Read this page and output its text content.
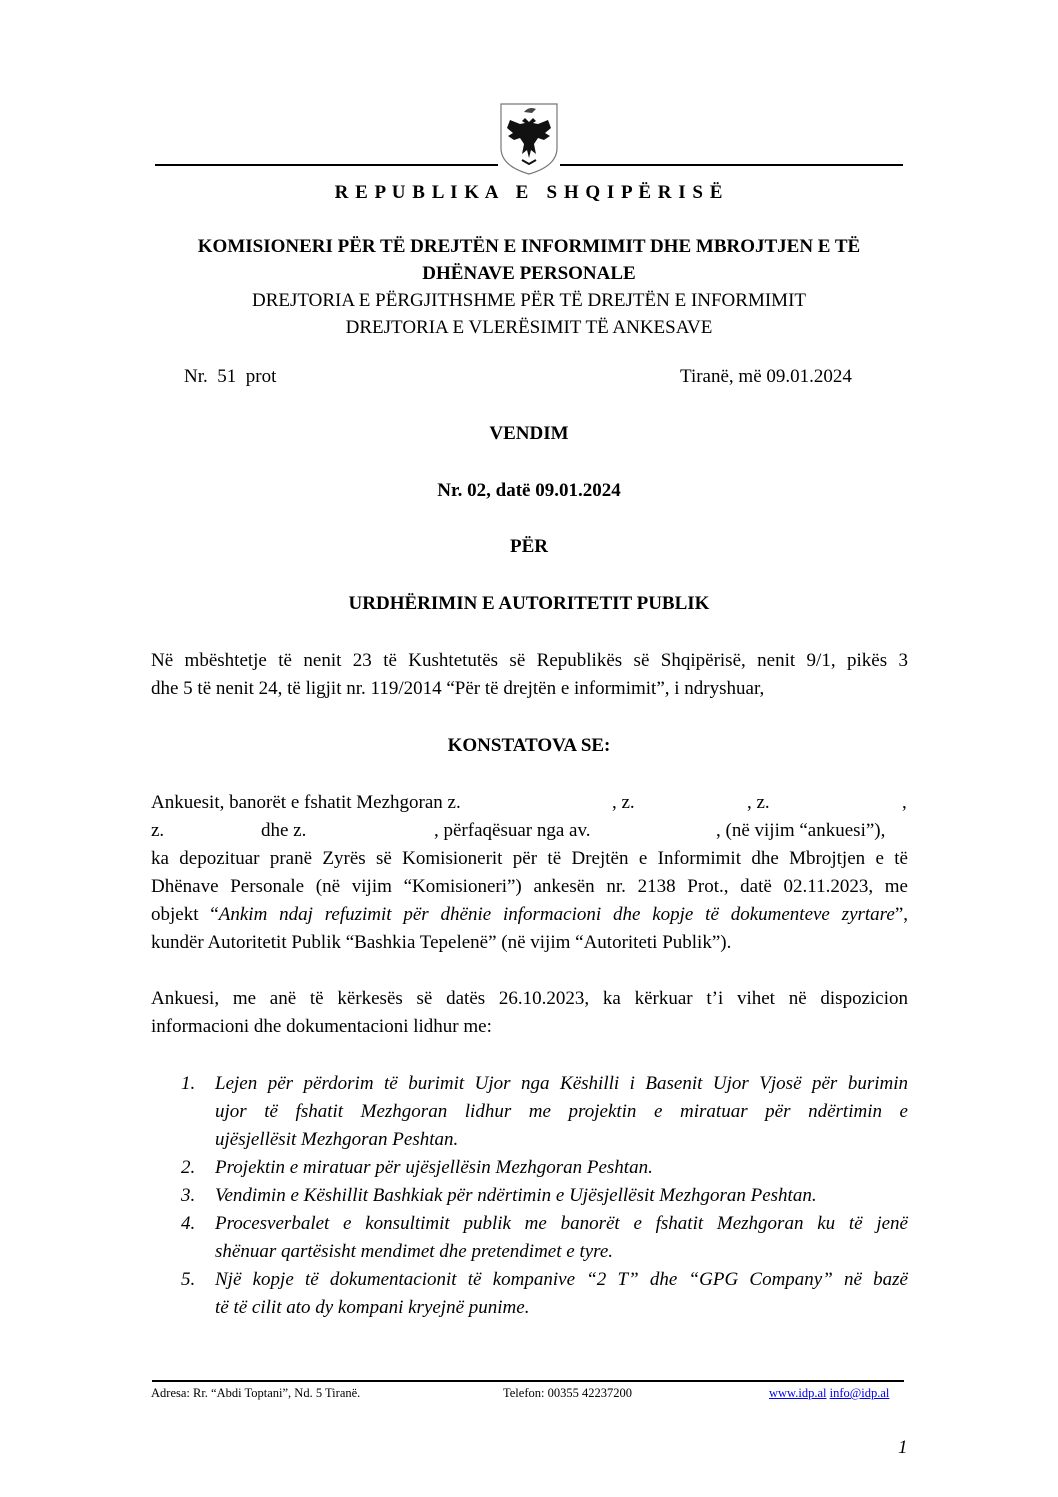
R E P U B L I K A   E   S H Q I P Ë R I S Ë
KOMISIONERI PËR TË DREJTËN E INFORMIMIT DHE MBROJTJEN E TË
DHËNAVE PERSONALE
DREJTORIA E PËRGJITHSHME PËR TË DREJTËN E INFORMIMIT
DREJTORIA E VLERËSIMIT TË ANKESAVE
Nr.  51  prot	Tiranë, më 09.01.2024
VENDIM
Nr. 02, datë 09.01.2024
PËR
URDHËRIMIN E AUTORITETIT PUBLIK
Në mbështetje të nenit 23 të Kushtetutës së Republikës së Shqipërisë, nenit 9/1, pikës 3
dhe 5 të nenit 24, të ligjit nr. 119/2014 “Për të drejtën e informimit”, i ndryshuar,
KONSTATOVA SE:
Ankuesit, banorët e fshatit Mezhgoran z.	, z.	, z.	,
z.	dhe z.	, përfaqësuar nga av.	, (në vijim “ankuesi”),
ka depozituar pranë Zyrës së Komisionerit për të Drejtën e Informimit dhe Mbrojtjen e të
Dhënave Personale (në vijim “Komisioneri”) ankesën nr. 2138 Prot., datë 02.11.2023, me
objekt “Ankim ndaj refuzimit për dhënie informacioni dhe kopje të dokumenteve zyrtare”,
kundër Autoritetit Publik “Bashkia Tepelenë” (në vijim “Autoriteti Publik”).
Ankuesi, me anë të kërkesës së datës 26.10.2023, ka kërkuar t’i vihet në dispozicion
informacioni dhe dokumentacioni lidhur me:
1. Lejen për përdorim të burimit Ujor nga Këshilli i Basenit Ujor Vjosë për burimin
ujor të fshatit Mezhgoran lidhur me projektin e miratuar për ndërtimin e
ujësjellësit Mezhgoran Peshtan.
2. Projektin e miratuar për ujësjellësin Mezhgoran Peshtan.
3. Vendimin e Këshillit Bashkiak për ndërtimin e Ujësjellësit Mezhgoran Peshtan.
4. Procesverbalet e konsultimit publik me banorët e fshatit Mezhgoran ku të jenë
shënuar qartësisht mendimet dhe pretendimet e tyre.
5. Një kopje të dokumentacionit të kompanive “2 T” dhe “GPG Company” në bazë
të të cilit ato dy kompani kryejnë punime.
Adresa: Rr. “Abdi Toptani”, Nd. 5 Tiranë.	Telefon: 00355 42237200	www.idp.al info@idp.al
1
